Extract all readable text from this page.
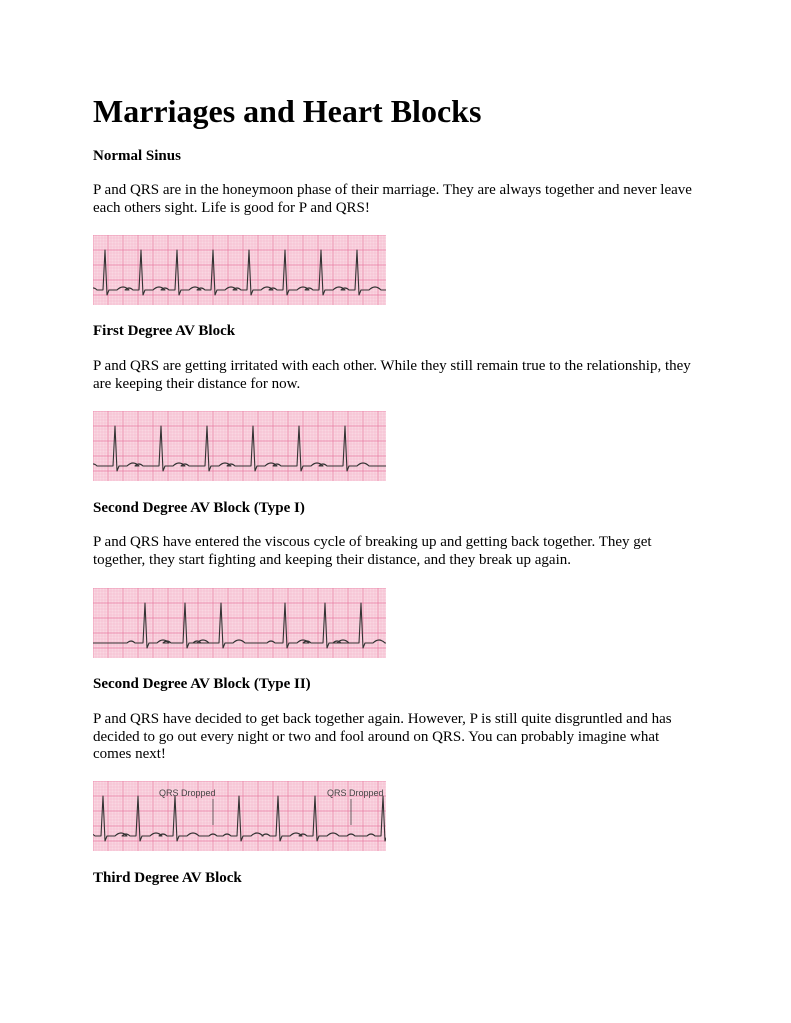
Marriages and Heart Blocks

Normal Sinus

P and QRS are in the honeymoon phase of their marriage. They are always together and never leave each others sight. Life is good for P and QRS!

First Degree AV Block

P and QRS are getting irritated with each other. While they still remain true to the relationship, they are keeping their distance for now.

Second Degree AV Block (Type I)

P and QRS have entered the viscous cycle of breaking up and getting back together. They get together, they start fighting and keeping their distance, and they break up again.

Second Degree AV Block (Type II)

P and QRS have decided to get back together again. However, P is still quite disgruntled and has decided to go out every night or two and fool around on QRS. You can probably imagine what comes next!

QRS Dropped	QRS Dropped

Third Degree AV Block
